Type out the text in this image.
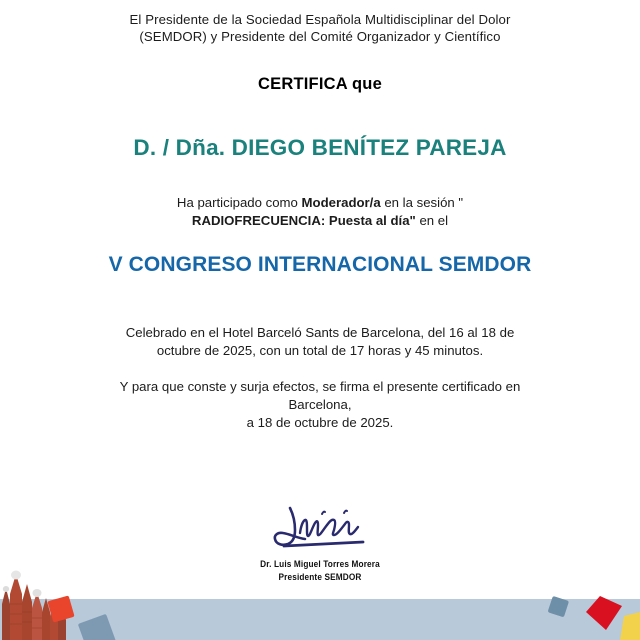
El Presidente de la Sociedad Española Multidisciplinar del Dolor
(SEMDOR) y Presidente del Comité Organizador y Científico
CERTIFICA que
D. / Dña. DIEGO BENÍTEZ PAREJA
Ha participado como Moderador/a en la sesión "
RADIOFRECUENCIA: Puesta al día" en el
V CONGRESO INTERNACIONAL SEMDOR
Celebrado en el Hotel Barceló Sants de Barcelona, del 16 al 18 de
octubre de 2025, con un total de 17 horas y 45 minutos.
Y para que conste y surja efectos, se firma el presente certificado en
Barcelona,
a 18 de octubre de 2025.
Dr. Luis Miguel Torres Morera
Presidente SEMDOR
